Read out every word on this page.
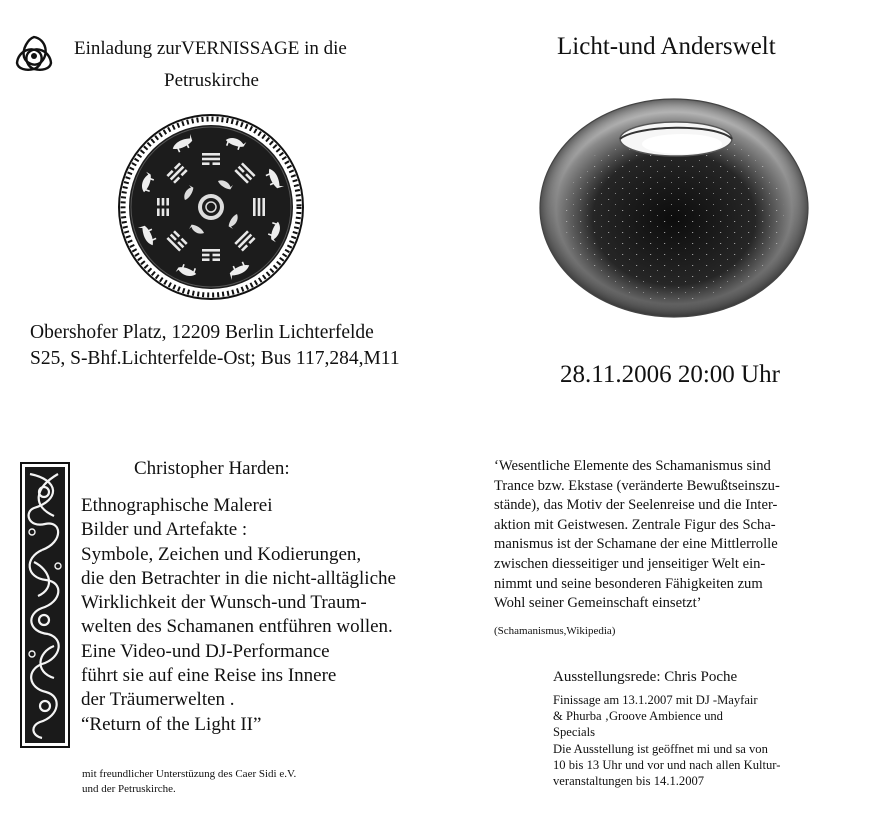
Einladung zurVERNISSAGE in die
Petruskirche
Obershofer Platz, 12209 Berlin Lichterfelde
S25, S-Bhf.Lichterfelde-Ost; Bus 117,284,M11
Licht-und Anderswelt
28.11.2006 20:00 Uhr
Christopher Harden:
Ethnographische Malerei
Bilder und Artefakte :
Symbole, Zeichen und Kodierungen,
die den Betrachter in die nicht-alltägliche
Wirklichkeit der Wunsch-und Traum-
welten des Schamanen entführen wollen.
Eine Video-und DJ-Performance
führt sie auf eine Reise ins Innere
der Träumerwelten .
“Return of the Light II”
mit freundlicher Unterstüzung des Caer Sidi e.V.
und der Petruskirche.
‘Wesentliche Elemente des Schamanismus sind
Trance bzw. Ekstase (veränderte Bewußtseinszu-
stände), das Motiv der Seelenreise und die Inter-
aktion mit Geistwesen. Zentrale Figur des Scha-
manismus ist der Schamane der eine Mittlerrolle
zwischen diesseitiger und jenseitiger Welt ein-
nimmt und seine besonderen Fähigkeiten zum
Wohl seiner Gemeinschaft einsetzt’
(Schamanismus,Wikipedia)
Ausstellungsrede: Chris Poche
Finissage am 13.1.2007 mit DJ -Mayfair
& Phurba ‚Groove Ambience und
Specials
Die Ausstellung ist geöffnet mi und sa von
10 bis 13 Uhr und vor und nach allen Kultur-
veranstaltungen bis 14.1.2007
